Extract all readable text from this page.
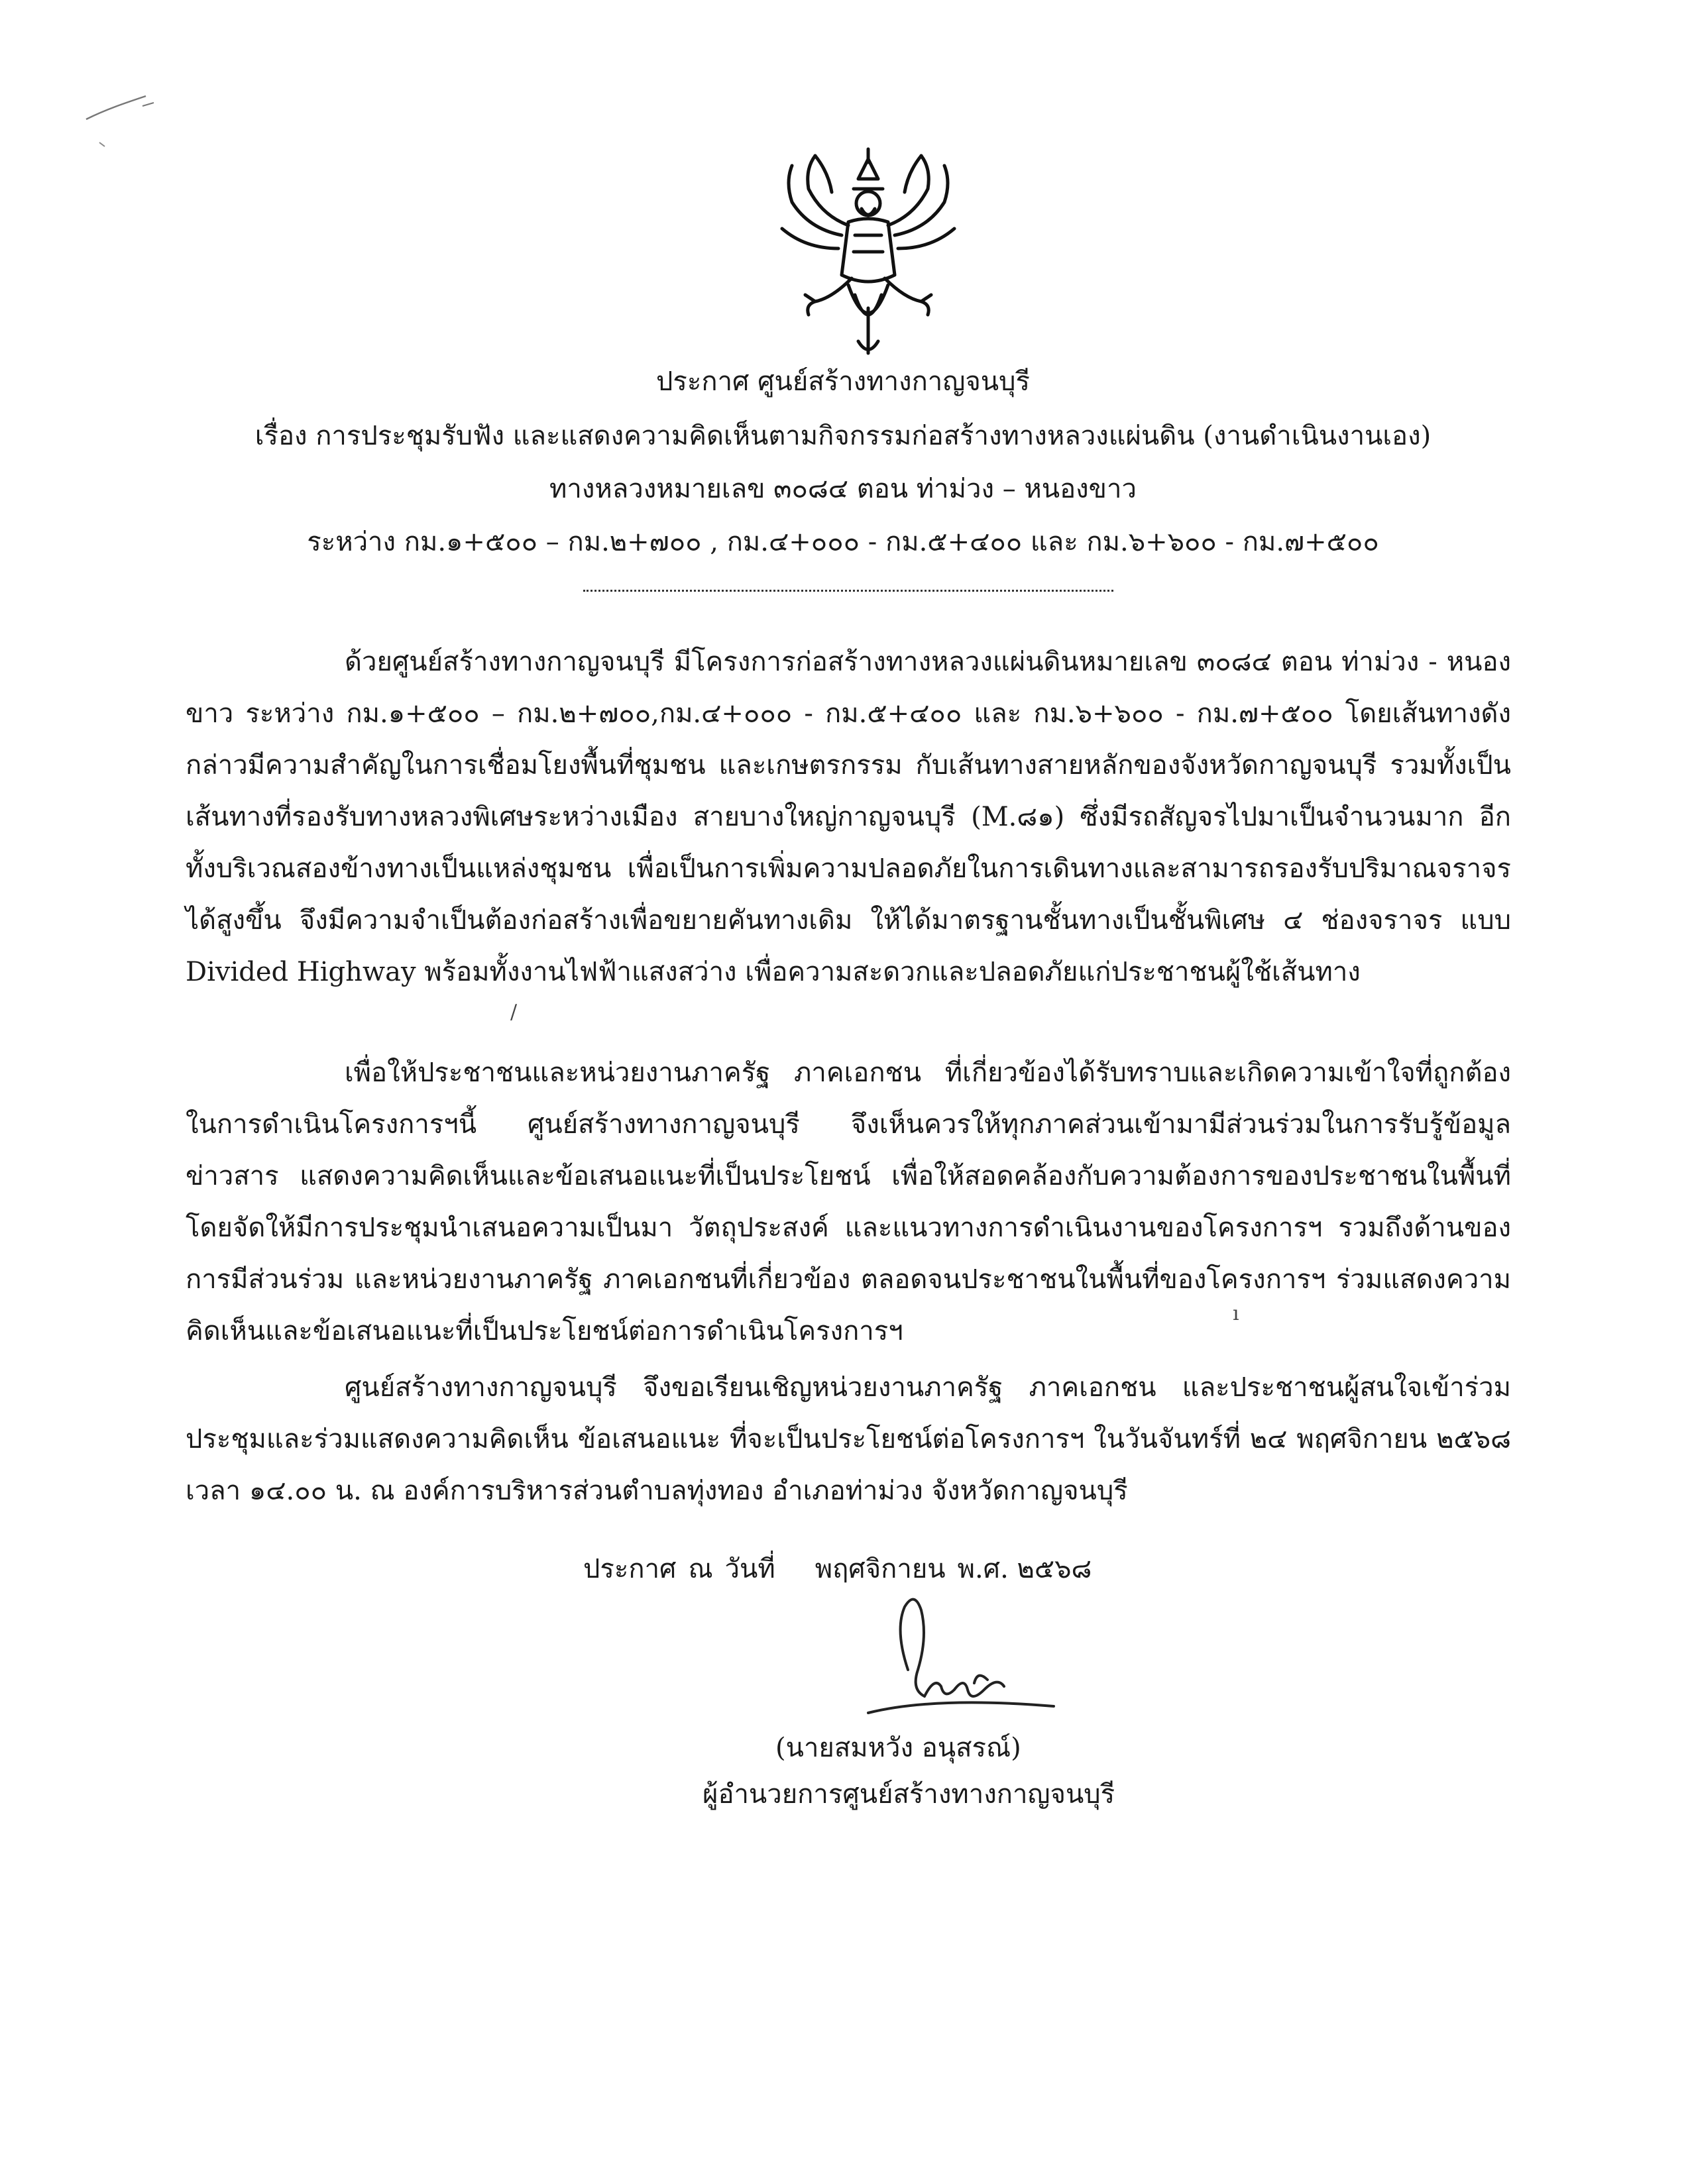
ประกาศ ศูนย์สร้างทางกาญจนบุรี
เรื่อง การประชุมรับฟัง และแสดงความคิดเห็นตามกิจกรรมก่อสร้างทางหลวงแผ่นดิน (งานดำเนินงานเอง)
ทางหลวงหมายเลข ๓๐๘๔ ตอน ท่าม่วง – หนองขาว
ระหว่าง กม.๑+๕๐๐ – กม.๒+๗๐๐ , กม.๔+๐๐๐ - กม.๕+๔๐๐ และ กม.๖+๖๐๐ - กม.๗+๕๐๐
ด้วยศูนย์สร้างทางกาญจนบุรี มีโครงการก่อสร้างทางหลวงแผ่นดินหมายเลข ๓๐๘๔ ตอน ท่าม่วง - หนองขาว ระหว่าง กม.๑+๕๐๐ – กม.๒+๗๐๐,กม.๔+๐๐๐ - กม.๕+๔๐๐ และ กม.๖+๖๐๐ - กม.๗+๕๐๐ โดยเส้นทางดังกล่าวมีความสำคัญในการเชื่อมโยงพื้นที่ชุมชน และเกษตรกรรม กับเส้นทางสายหลักของจังหวัดกาญจนบุรี รวมทั้งเป็นเส้นทางที่รองรับทางหลวงพิเศษระหว่างเมือง สายบางใหญ่กาญจนบุรี (M.๘๑) ซึ่งมีรถสัญจรไปมาเป็นจำนวนมาก อีกทั้งบริเวณสองข้างทางเป็นแหล่งชุมชน เพื่อเป็นการเพิ่มความปลอดภัยในการเดินทางและสามารถรองรับปริมาณจราจรได้สูงขึ้น จึงมีความจำเป็นต้องก่อสร้างเพื่อขยายคันทางเดิม ให้ได้มาตรฐานชั้นทางเป็นชั้นพิเศษ ๔ ช่องจราจร แบบ Divided Highway พร้อมทั้งงานไฟฟ้าแสงสว่าง เพื่อความสะดวกและปลอดภัยแก่ประชาชนผู้ใช้เส้นทาง
เพื่อให้ประชาชนและหน่วยงานภาครัฐ ภาคเอกชน ที่เกี่ยวข้องได้รับทราบและเกิดความเข้าใจที่ถูกต้องในการดำเนินโครงการฯนี้ ศูนย์สร้างทางกาญจนบุรี จึงเห็นควรให้ทุกภาคส่วนเข้ามามีส่วนร่วมในการรับรู้ข้อมูลข่าวสาร แสดงความคิดเห็นและข้อเสนอแนะที่เป็นประโยชน์ เพื่อให้สอดคล้องกับความต้องการของประชาชนในพื้นที่ โดยจัดให้มีการประชุมนำเสนอความเป็นมา วัตถุประสงค์ และแนวทางการดำเนินงานของโครงการฯ รวมถึงด้านของการมีส่วนร่วม และหน่วยงานภาครัฐ ภาคเอกชนที่เกี่ยวข้อง ตลอดจนประชาชนในพื้นที่ของโครงการฯ ร่วมแสดงความคิดเห็นและข้อเสนอแนะที่เป็นประโยชน์ต่อการดำเนินโครงการฯ
ศูนย์สร้างทางกาญจนบุรี จึงขอเรียนเชิญหน่วยงานภาครัฐ ภาคเอกชน และประชาชนผู้สนใจเข้าร่วมประชุมและร่วมแสดงความคิดเห็น ข้อเสนอแนะ ที่จะเป็นประโยชน์ต่อโครงการฯ ในวันจันทร์ที่ ๒๔ พฤศจิกายน ๒๕๖๘ เวลา ๑๔.๐๐ น. ณ องค์การบริหารส่วนตำบลทุ่งทอง อำเภอท่าม่วง จังหวัดกาญจนบุรี
/
ı
ประกาศ ณ วันที่ พฤศจิกายน พ.ศ. ๒๕๖๘
(นายสมหวัง อนุสรณ์)
ผู้อำนวยการศูนย์สร้างทางกาญจนบุรี
